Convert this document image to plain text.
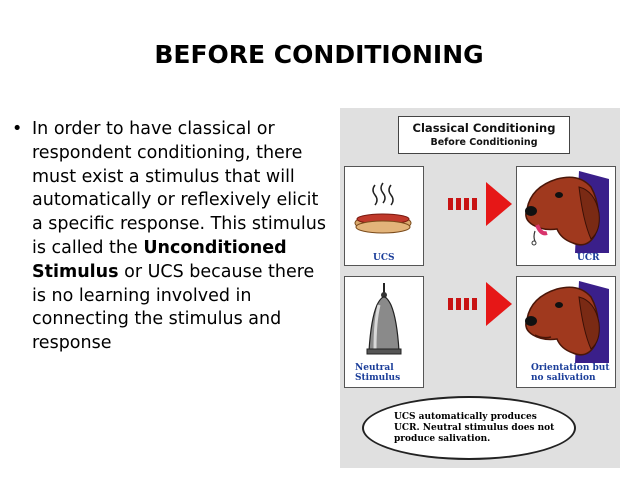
BEFORE CONDITIONING
• In order to have classical or respondent conditioning, there must exist a stimulus that will automatically or reflexively elicit a specific response. This stimulus is called the Unconditioned Stimulus or UCS because there is no learning involved in connecting the stimulus and response
Classical Conditioning
Before Conditioning
UCS	UCR
Neutral
Stimulus
Orientation but
no salivation
UCS automatically produces UCR. Neutral stimulus does not produce salivation.
